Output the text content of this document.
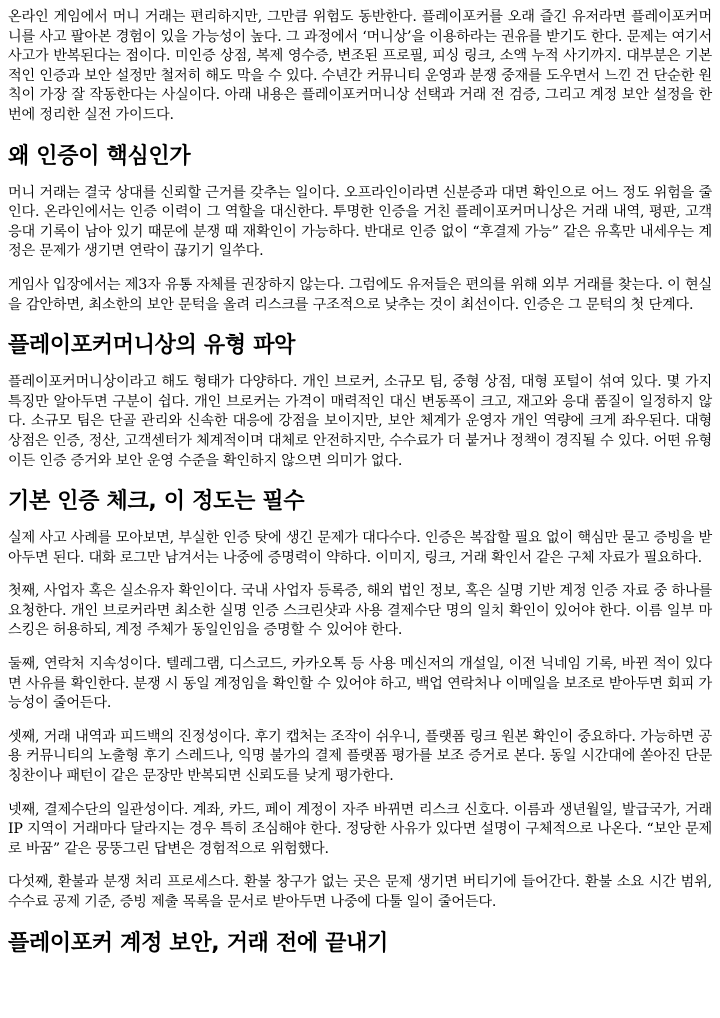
온라인 게임에서 머니 거래는 편리하지만, 그만큼 위험도 동반한다. 플레이포커를 오래 즐긴 유저라면 플레이포커머니를 사고 팔아본 경험이 있을 가능성이 높다. 그 과정에서 ‘머니상’을 이용하라는 권유를 받기도 한다. 문제는 여기서 사고가 반복된다는 점이다. 미인증 상점, 복제 영수증, 변조된 프로필, 피싱 링크, 소액 누적 사기까지. 대부분은 기본적인 인증과 보안 설정만 철저히 해도 막을 수 있다. 수년간 커뮤니티 운영과 분쟁 중재를 도우면서 느낀 건 단순한 원칙이 가장 잘 작동한다는 사실이다. 아래 내용은 플레이포커머니상 선택과 거래 전 검증, 그리고 계정 보안 설정을 한 번에 정리한 실전 가이드다.

왜 인증이 핵심인가

머니 거래는 결국 상대를 신뢰할 근거를 갖추는 일이다. 오프라인이라면 신분증과 대면 확인으로 어느 정도 위험을 줄인다. 온라인에서는 인증 이력이 그 역할을 대신한다. 투명한 인증을 거친 플레이포커머니상은 거래 내역, 평판, 고객 응대 기록이 남아 있기 때문에 분쟁 때 재확인이 가능하다. 반대로 인증 없이 “후결제 가능” 같은 유혹만 내세우는 계정은 문제가 생기면 연락이 끊기기 일쑤다.

게임사 입장에서는 제3자 유통 자체를 권장하지 않는다. 그럼에도 유저들은 편의를 위해 외부 거래를 찾는다. 이 현실을 감안하면, 최소한의 보안 문턱을 올려 리스크를 구조적으로 낮추는 것이 최선이다. 인증은 그 문턱의 첫 단계다.

플레이포커머니상의 유형 파악

플레이포커머니상이라고 해도 형태가 다양하다. 개인 브로커, 소규모 팀, 중형 상점, 대형 포털이 섞여 있다. 몇 가지 특징만 알아두면 구분이 쉽다. 개인 브로커는 가격이 매력적인 대신 변동폭이 크고, 재고와 응대 품질이 일정하지 않다. 소규모 팀은 단골 관리와 신속한 대응에 강점을 보이지만, 보안 체계가 운영자 개인 역량에 크게 좌우된다. 대형 상점은 인증, 정산, 고객센터가 체계적이며 대체로 안전하지만, 수수료가 더 붙거나 정책이 경직될 수 있다. 어떤 유형이든 인증 증거와 보안 운영 수준을 확인하지 않으면 의미가 없다.

기본 인증 체크, 이 정도는 필수

실제 사고 사례를 모아보면, 부실한 인증 탓에 생긴 문제가 대다수다. 인증은 복잡할 필요 없이 핵심만 묻고 증빙을 받아두면 된다. 대화 로그만 남겨서는 나중에 증명력이 약하다. 이미지, 링크, 거래 확인서 같은 구체 자료가 필요하다.

첫째, 사업자 혹은 실소유자 확인이다. 국내 사업자 등록증, 해외 법인 정보, 혹은 실명 기반 계정 인증 자료 중 하나를 요청한다. 개인 브로커라면 최소한 실명 인증 스크린샷과 사용 결제수단 명의 일치 확인이 있어야 한다. 이름 일부 마스킹은 허용하되, 계정 주체가 동일인임을 증명할 수 있어야 한다.

둘째, 연락처 지속성이다. 텔레그램, 디스코드, 카카오톡 등 사용 메신저의 개설일, 이전 닉네임 기록, 바뀐 적이 있다면 사유를 확인한다. 분쟁 시 동일 계정임을 확인할 수 있어야 하고, 백업 연락처나 이메일을 보조로 받아두면 회피 가능성이 줄어든다.

셋째, 거래 내역과 피드백의 진정성이다. 후기 캡처는 조작이 쉬우니, 플랫폼 링크 원본 확인이 중요하다. 가능하면 공용 커뮤니티의 노출형 후기 스레드나, 익명 불가의 결제 플랫폼 평가를 보조 증거로 본다. 동일 시간대에 쏟아진 단문 칭찬이나 패턴이 같은 문장만 반복되면 신뢰도를 낮게 평가한다.

넷째, 결제수단의 일관성이다. 계좌, 카드, 페이 계정이 자주 바뀌면 리스크 신호다. 이름과 생년월일, 발급국가, 거래 IP 지역이 거래마다 달라지는 경우 특히 조심해야 한다. 정당한 사유가 있다면 설명이 구체적으로 나온다. “보안 문제로 바꿈” 같은 뭉뚱그린 답변은 경험적으로 위험했다.

다섯째, 환불과 분쟁 처리 프로세스다. 환불 창구가 없는 곳은 문제 생기면 버티기에 들어간다. 환불 소요 시간 범위, 수수료 공제 기준, 증빙 제출 목록을 문서로 받아두면 나중에 다툴 일이 줄어든다.

플레이포커 계정 보안, 거래 전에 끝내기
